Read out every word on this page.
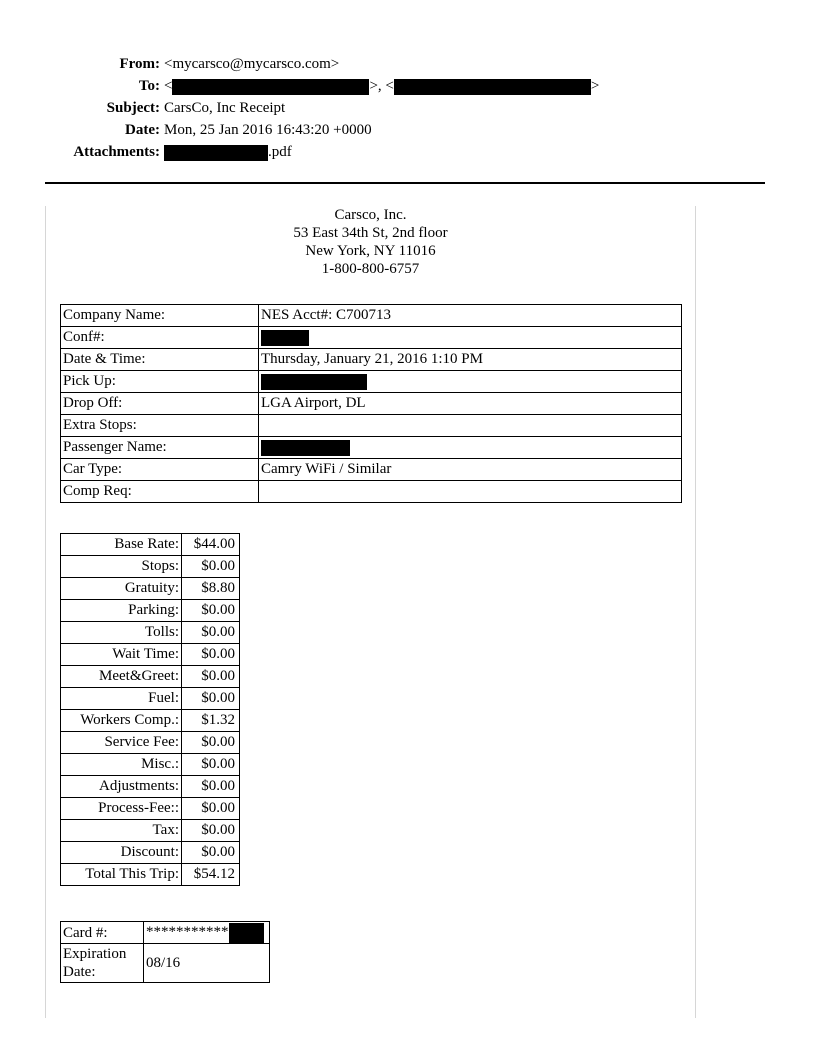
From: <mycarsco@mycarsco.com>
To: <	>, <	>
Subject: CarsCo, Inc Receipt
Date: Mon, 25 Jan 2016 16:43:20 +0000
Attachments:	.pdf
Carsco, Inc.
53 East 34th St, 2nd floor
New York, NY 11016
1-800-800-6757
Company Name:	NES Acct#: C700713
Conf#:	
Date & Time:	Thursday, January 21, 2016 1:10 PM
Pick Up:	
Drop Off:	LGA Airport, DL
Extra Stops:	
Passenger Name:	
Car Type:	Camry WiFi / Similar
Comp Req:	
Base Rate:	$44.00
Stops:	$0.00
Gratuity:	$8.80
Parking:	$0.00
Tolls:	$0.00
Wait Time:	$0.00
Meet&Greet:	$0.00
Fuel:	$0.00
Workers Comp.:	$1.32
Service Fee:	$0.00
Misc.:	$0.00
Adjustments:	$0.00
Process-Fee::	$0.00
Tax:	$0.00
Discount:	$0.00
Total This Trip:	$54.12
Card #:	***********

Expiration
Date:	08/16
